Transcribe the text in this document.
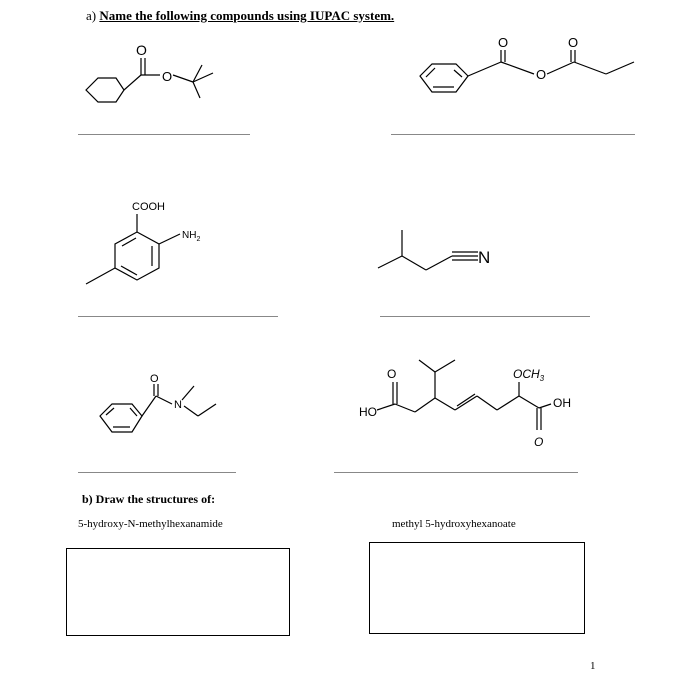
a) Name the following compounds using IUPAC system.
O
O
O
O
O
COOH
$NH_2$
N
O
N
O
HO
$OCH_3$
OH
O
b) Draw the structures of:
5-hydroxy-N-methylhexanamide	methyl 5-hydroxyhexanoate
1
